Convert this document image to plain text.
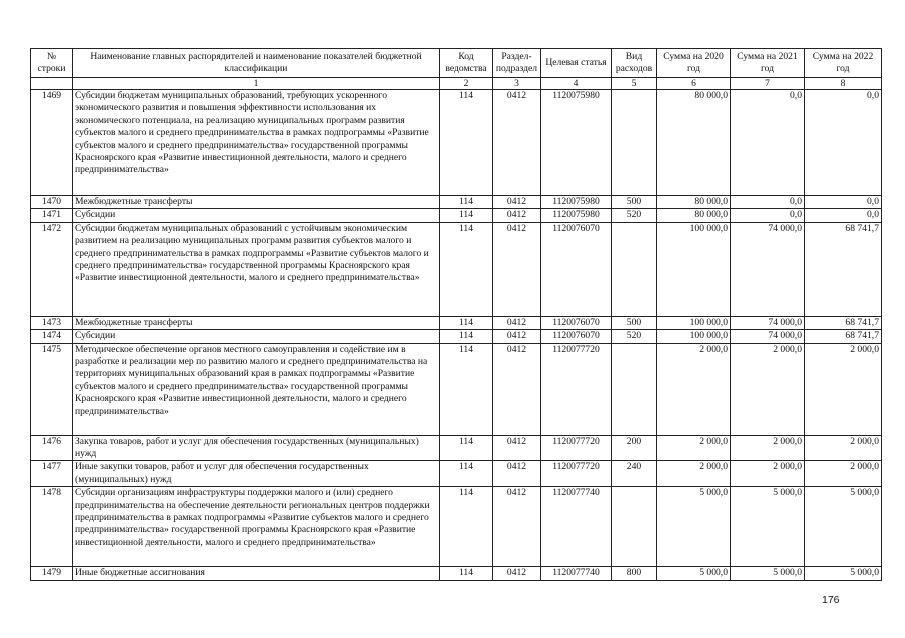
№ строки	Наименование главных распорядителей и наименование показателей бюджетной классификации	Код ведомства	Раздел-подраздел	Целевая статья	Вид расходов	Сумма на 2020 год	Сумма на 2021 год	Сумма на 2022 год
	1	2	3	4	5	6	7	8
1469	Субсидии бюджетам муниципальных образований, требующих ускоренного экономического развития и повышения эффективности использования их экономического потенциала, на реализацию муниципальных программ развития субъектов малого и среднего предпринимательства в рамках подпрограммы «Развитие субъектов малого и среднего предпринимательства» государственной программы Красноярского края «Развитие инвестиционной деятельности, малого и среднего предпринимательства»	114	0412	1120075980		80 000,0	0,0	0,0
1470	Межбюджетные трансферты	114	0412	1120075980	500	80 000,0	0,0	0,0
1471	Субсидии	114	0412	1120075980	520	80 000,0	0,0	0,0
1472	Субсидии бюджетам муниципальных образований с устойчивым экономическим развитием на реализацию муниципальных программ развития субъектов малого и среднего предпринимательства в рамках подпрограммы «Развитие субъектов малого и среднего предпринимательства» государственной программы Красноярского края «Развитие инвестиционной деятельности, малого и среднего предпринимательства»	114	0412	1120076070		100 000,0	74 000,0	68 741,7
1473	Межбюджетные трансферты	114	0412	1120076070	500	100 000,0	74 000,0	68 741,7
1474	Субсидии	114	0412	1120076070	520	100 000,0	74 000,0	68 741,7
1475	Методическое обеспечение органов местного самоуправления и содействие им в разработке и реализации мер по развитию малого и среднего предпринимательства на территориях муниципальных образований края в рамках подпрограммы «Развитие субъектов малого и среднего предпринимательства» государственной программы Красноярского края «Развитие инвестиционной деятельности, малого и среднего предпринимательства»	114	0412	1120077720		2 000,0	2 000,0	2 000,0
1476	Закупка товаров, работ и услуг для обеспечения государственных (муниципальных) нужд	114	0412	1120077720	200	2 000,0	2 000,0	2 000,0
1477	Иные закупки товаров, работ и услуг для обеспечения государственных (муниципальных) нужд	114	0412	1120077720	240	2 000,0	2 000,0	2 000,0
1478	Субсидии организациям инфраструктуры поддержки малого и (или) среднего предпринимательства на обеспечение деятельности региональных центров поддержки предпринимательства в рамках подпрограммы «Развитие субъектов малого и среднего предпринимательства» государственной программы Красноярского края «Развитие инвестиционной деятельности, малого и среднего предпринимательства»	114	0412	1120077740		5 000,0	5 000,0	5 000,0
1479	Иные бюджетные ассигнования	114	0412	1120077740	800	5 000,0	5 000,0	5 000,0
176
